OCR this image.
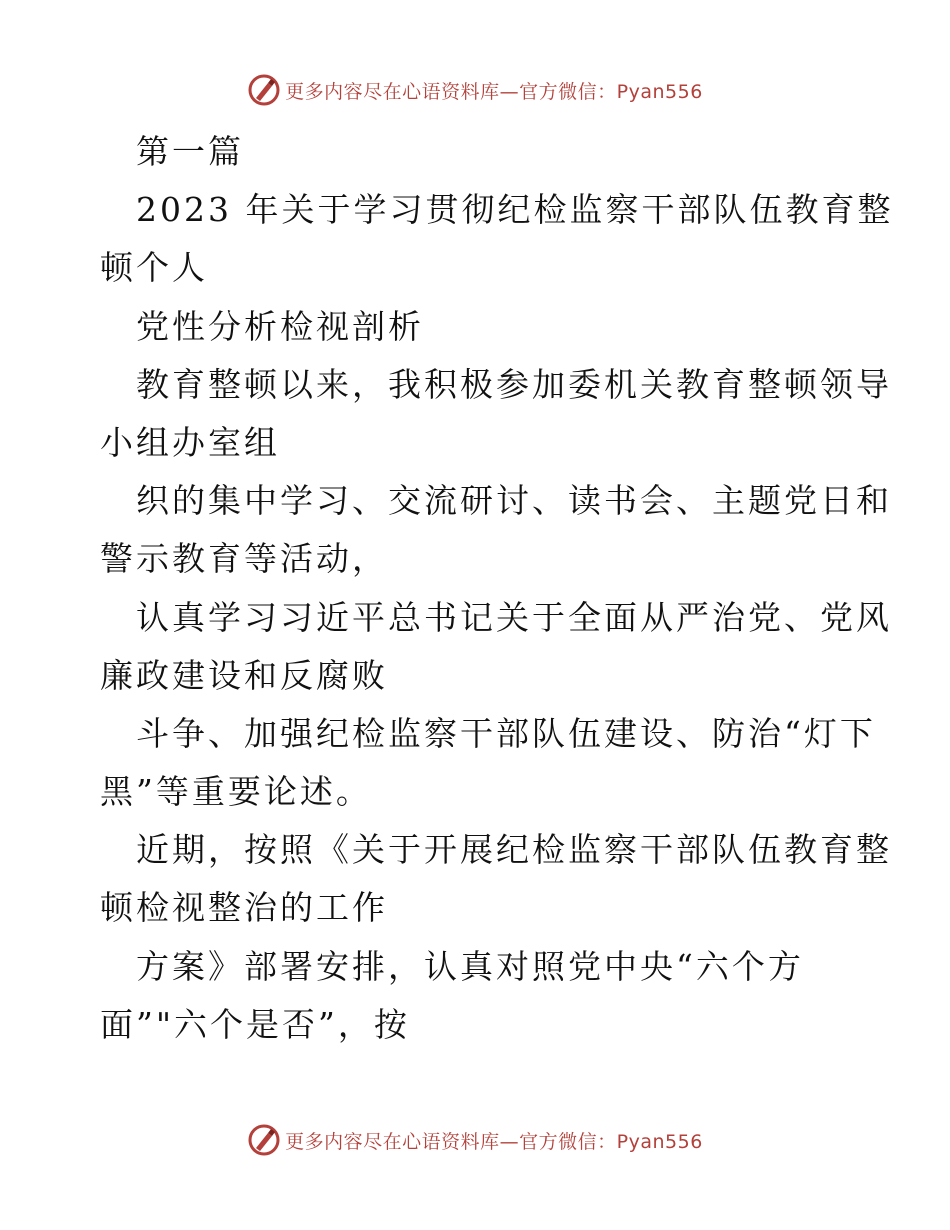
更多内容尽在心语资料库—官方微信：Pyan556
第一篇
2023 年关于学习贯彻纪检监察干部队伍教育整
顿个人
党性分析检视剖析
教育整顿以来，我积极参加委机关教育整顿领导
小组办室组
织的集中学习、交流研讨、读书会、主题党日和
警示教育等活动，
认真学习习近平总书记关于全面从严治党、党风
廉政建设和反腐败
斗争、加强纪检监察干部队伍建设、防治“灯下
黑”等重要论述。
近期，按照《关于开展纪检监察干部队伍教育整
顿检视整治的工作
方案》部署安排，认真对照党中央“六个方
面”"六个是否”，按
更多内容尽在心语资料库—官方微信：Pyan556
